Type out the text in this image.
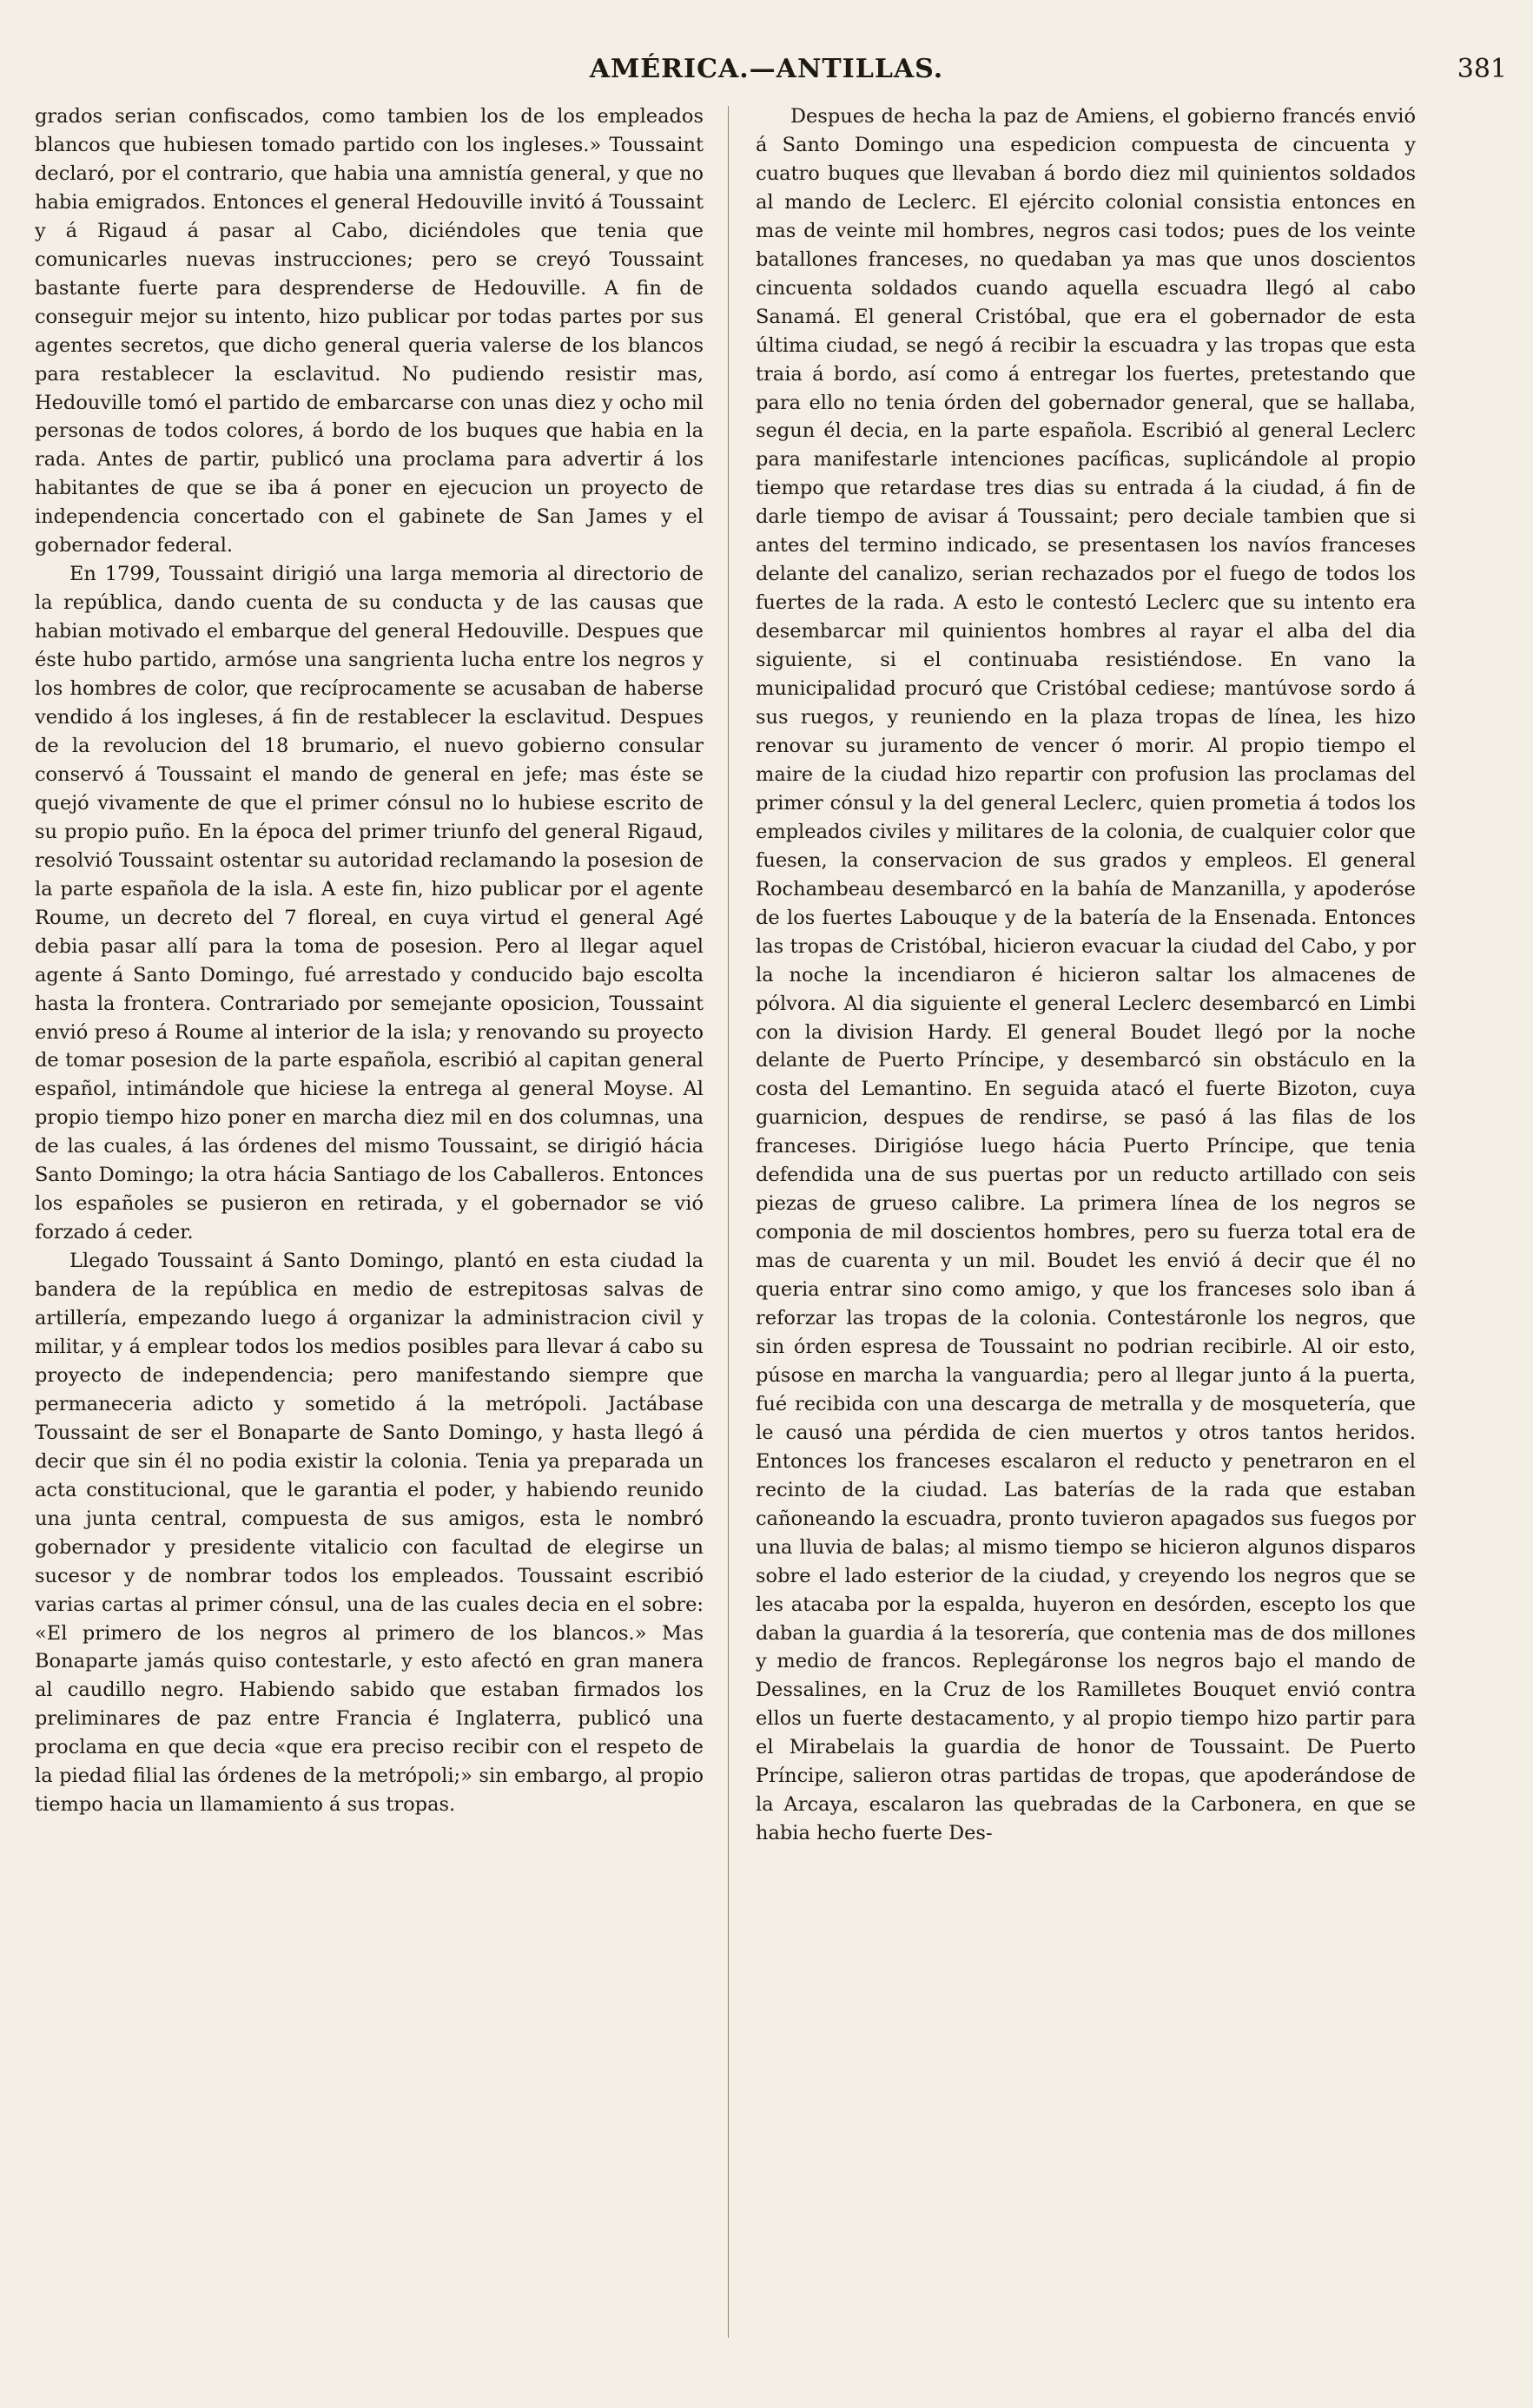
AMÉRICA.—ANTILLAS.	381

grados serian confiscados, como tambien los de los empleados blancos que hubiesen tomado partido con los ingleses.» Toussaint declaró, por el contrario, que habia una amnistía general, y que no habia emigrados. Entonces el general Hedouville invitó á Toussaint y á Rigaud á pasar al Cabo, diciéndoles que tenia que comunicarles nuevas instrucciones; pero se creyó Toussaint bastante fuerte para desprenderse de Hedouville. A fin de conseguir mejor su intento, hizo publicar por todas partes por sus agentes secretos, que dicho general queria valerse de los blancos para restablecer la esclavitud. No pudiendo resistir mas, Hedouville tomó el partido de embarcarse con unas diez y ocho mil personas de todos colores, á bordo de los buques que habia en la rada. Antes de partir, publicó una proclama para advertir á los habitantes de que se iba á poner en ejecucion un proyecto de independencia concertado con el gabinete de San James y el gobernador federal.

En 1799, Toussaint dirigió una larga memoria al directorio de la república, dando cuenta de su conducta y de las causas que habian motivado el embarque del general Hedouville. Despues que éste hubo partido, armóse una sangrienta lucha entre los negros y los hombres de color, que recíprocamente se acusaban de haberse vendido á los ingleses, á fin de restablecer la esclavitud. Despues de la revolucion del 18 brumario, el nuevo gobierno consular conservó á Toussaint el mando de general en jefe; mas éste se quejó vivamente de que el primer cónsul no lo hubiese escrito de su propio puño. En la época del primer triunfo del general Rigaud, resolvió Toussaint ostentar su autoridad reclamando la posesion de la parte española de la isla. A este fin, hizo publicar por el agente Roume, un decreto del 7 floreal, en cuya virtud el general Agé debia pasar allí para la toma de posesion. Pero al llegar aquel agente á Santo Domingo, fué arrestado y conducido bajo escolta hasta la frontera. Contrariado por semejante oposicion, Toussaint envió preso á Roume al interior de la isla; y renovando su proyecto de tomar posesion de la parte española, escribió al capitan general español, intimándole que hiciese la entrega al general Moyse. Al propio tiempo hizo poner en marcha diez mil en dos columnas, una de las cuales, á las órdenes del mismo Toussaint, se dirigió hácia Santo Domingo; la otra hácia Santiago de los Caballeros. Entonces los españoles se pusieron en retirada, y el gobernador se vió forzado á ceder.

Llegado Toussaint á Santo Domingo, plantó en esta ciudad la bandera de la república en medio de estrepitosas salvas de artillería, empezando luego á organizar la administracion civil y militar, y á emplear todos los medios posibles para llevar á cabo su proyecto de independencia; pero manifestando siempre que permaneceria adicto y sometido á la metrópoli. Jactábase Toussaint de ser el Bonaparte de Santo Domingo, y hasta llegó á decir que sin él no podia existir la colonia. Tenia ya preparada un acta constitucional, que le garantia el poder, y habiendo reunido una junta central, compuesta de sus amigos, esta le nombró gobernador y presidente vitalicio con facultad de elegirse un sucesor y de nombrar todos los empleados. Toussaint escribió varias cartas al primer cónsul, una de las cuales decia en el sobre: «El primero de los negros al primero de los blancos.» Mas Bonaparte jamás quiso contestarle, y esto afectó en gran manera al caudillo negro. Habiendo sabido que estaban firmados los preliminares de paz entre Francia é Inglaterra, publicó una proclama en que decia «que era preciso recibir con el respeto de la piedad filial las órdenes de la metrópoli;» sin embargo, al propio tiempo hacia un llamamiento á sus tropas.

Despues de hecha la paz de Amiens, el gobierno francés envió á Santo Domingo una espedicion compuesta de cincuenta y cuatro buques que llevaban á bordo diez mil quinientos soldados al mando de Leclerc. El ejército colonial consistia entonces en mas de veinte mil hombres, negros casi todos; pues de los veinte batallones franceses, no quedaban ya mas que unos doscientos cincuenta soldados cuando aquella escuadra llegó al cabo Sanamá. El general Cristóbal, que era el gobernador de esta última ciudad, se negó á recibir la escuadra y las tropas que esta traia á bordo, así como á entregar los fuertes, pretestando que para ello no tenia órden del gobernador general, que se hallaba, segun él decia, en la parte española. Escribió al general Leclerc para manifestarle intenciones pacíficas, suplicándole al propio tiempo que retardase tres dias su entrada á la ciudad, á fin de darle tiempo de avisar á Toussaint; pero deciale tambien que si antes del termino indicado, se presentasen los navíos franceses delante del canalizo, serian rechazados por el fuego de todos los fuertes de la rada. A esto le contestó Leclerc que su intento era desembarcar mil quinientos hombres al rayar el alba del dia siguiente, si el continuaba resistiéndose. En vano la municipalidad procuró que Cristóbal cediese; mantúvose sordo á sus ruegos, y reuniendo en la plaza tropas de línea, les hizo renovar su juramento de vencer ó morir. Al propio tiempo el maire de la ciudad hizo repartir con profusion las proclamas del primer cónsul y la del general Leclerc, quien prometia á todos los empleados civiles y militares de la colonia, de cualquier color que fuesen, la conservacion de sus grados y empleos. El general Rochambeau desembarcó en la bahía de Manzanilla, y apoderóse de los fuertes Labouque y de la batería de la Ensenada. Entonces las tropas de Cristóbal, hicieron evacuar la ciudad del Cabo, y por la noche la incendiaron é hicieron saltar los almacenes de pólvora. Al dia siguiente el general Leclerc desembarcó en Limbi con la division Hardy. El general Boudet llegó por la noche delante de Puerto Príncipe, y desembarcó sin obstáculo en la costa del Lemantino. En seguida atacó el fuerte Bizoton, cuya guarnicion, despues de rendirse, se pasó á las filas de los franceses. Dirigióse luego hácia Puerto Príncipe, que tenia defendida una de sus puertas por un reducto artillado con seis piezas de grueso calibre. La primera línea de los negros se componia de mil doscientos hombres, pero su fuerza total era de mas de cuarenta y un mil. Boudet les envió á decir que él no queria entrar sino como amigo, y que los franceses solo iban á reforzar las tropas de la colonia. Contestáronle los negros, que sin órden espresa de Toussaint no podrian recibirle. Al oir esto, púsose en marcha la vanguardia; pero al llegar junto á la puerta, fué recibida con una descarga de metralla y de mosquetería, que le causó una pérdida de cien muertos y otros tantos heridos. Entonces los franceses escalaron el reducto y penetraron en el recinto de la ciudad. Las baterías de la rada que estaban cañoneando la escuadra, pronto tuvieron apagados sus fuegos por una lluvia de balas; al mismo tiempo se hicieron algunos disparos sobre el lado esterior de la ciudad, y creyendo los negros que se les atacaba por la espalda, huyeron en desórden, escepto los que daban la guardia á la tesorería, que contenia mas de dos millones y medio de francos. Replegáronse los negros bajo el mando de Dessalines, en la Cruz de los Ramilletes Bouquet envió contra ellos un fuerte destacamento, y al propio tiempo hizo partir para el Mirabelais la guardia de honor de Toussaint. De Puerto Príncipe, salieron otras partidas de tropas, que apoderándose de la Arcaya, escalaron las quebradas de la Carbonera, en que se habia hecho fuerte Des-
